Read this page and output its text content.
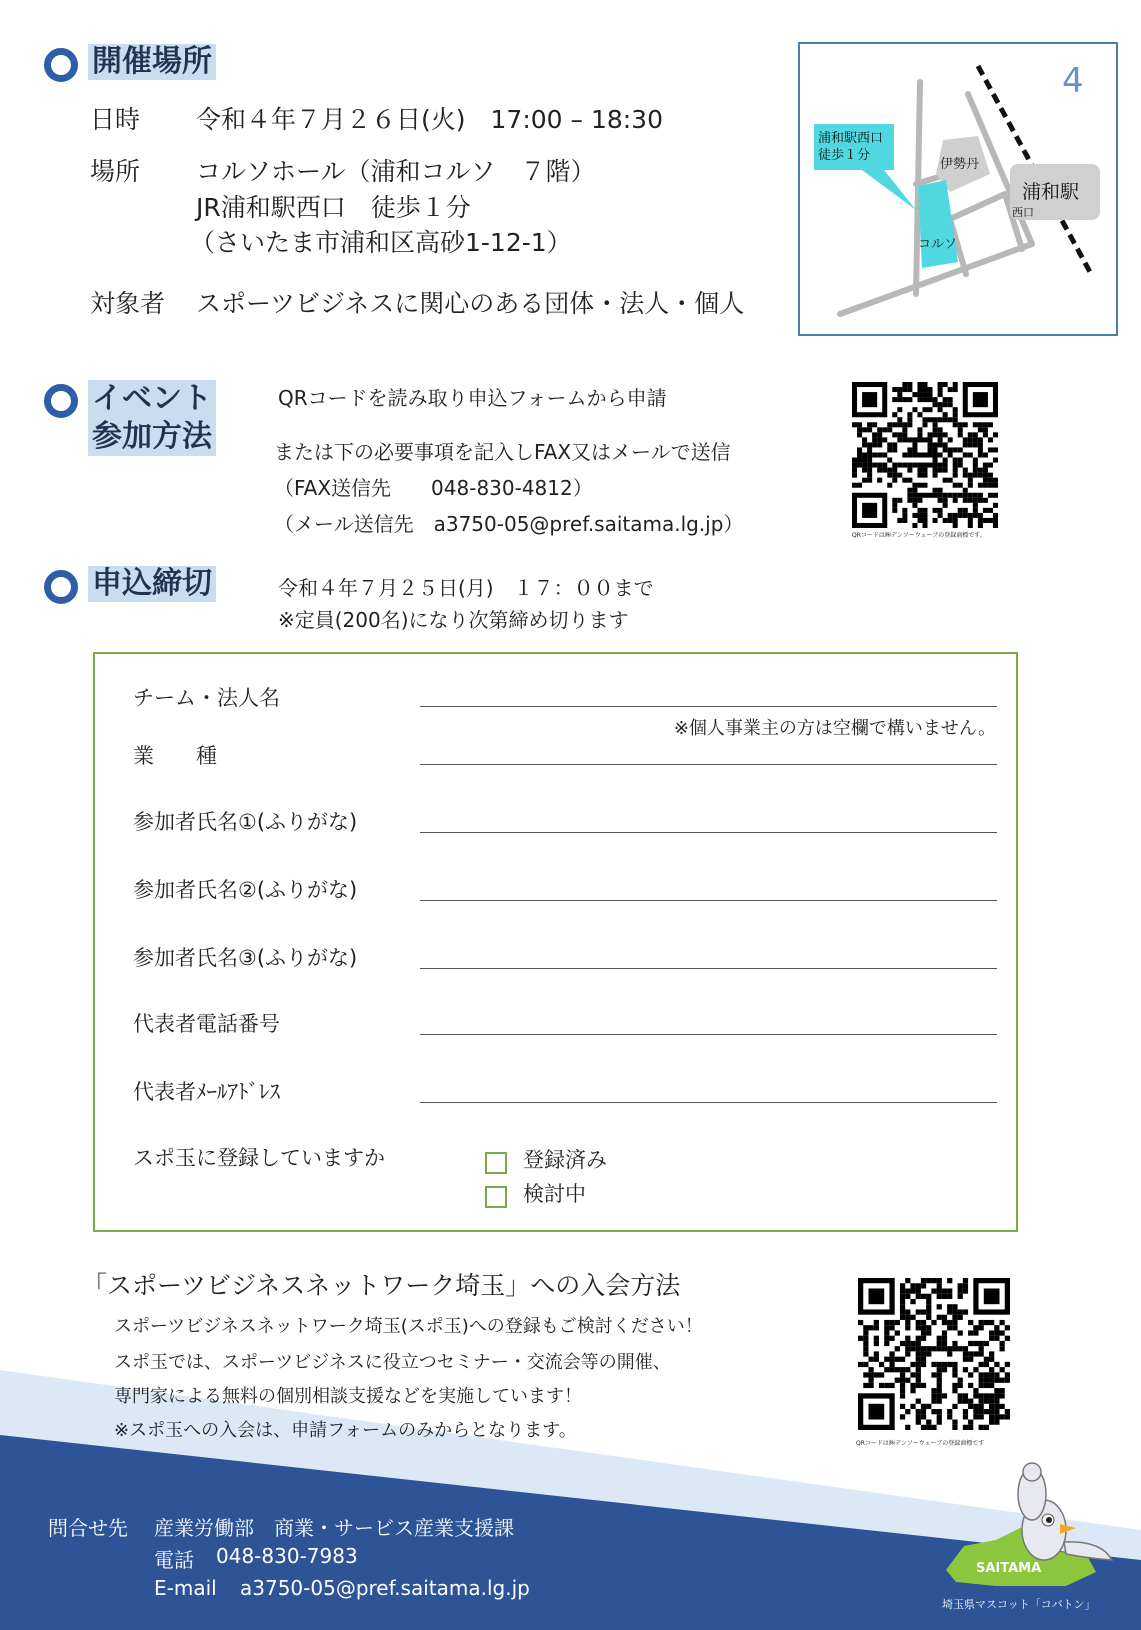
開催場所
日時 令和４年７月２６日(火)　17:00 – 18:30
場所 コルソホール（浦和コルソ　７階）
JR浦和駅西口　徒歩１分
（さいたま市浦和区高砂1-12-1）
対象者 スポーツビジネスに関心のある団体・法人・個人
伊勢丹
コルソ
浦和駅西口
徒歩１分
浦和駅
西口
4
イベント
参加方法
QRコードを読み取り申込フォームから申請
または下の必要事項を記入しFAX又はメールで送信
（FAX送信先　　048-830-4812）
（メール送信先　a3750-05@pref.saitama.lg.jp）	QRコードは㈱デンソーウェーブの登録商標です。
申込締切	令和４年７月２５日(月)　１７：００まで
※定員(200名)になり次第締め切ります
チーム・法人名
※個人事業主の方は空欄で構いません。
業　　種
参加者氏名①(ふりがな)
参加者氏名②(ふりがな)
参加者氏名③(ふりがな)
代表者電話番号
代表者ﾒｰﾙｱﾄﾞﾚｽ
スポ玉に登録していますか	登録済み
検討中
「スポーツビジネスネットワーク埼玉」への入会方法
スポーツビジネスネットワーク埼玉(スポ玉)への登録もご検討ください！
スポ玉では、スポーツビジネスに役立つセミナー・交流会等の開催、
専門家による無料の個別相談支援などを実施しています！
※スポ玉への入会は、申請フォームのみからとなります。
QRコードは㈱デンソーウェーブの登録商標です
問合せ先 産業労働部　商業・サービス産業支援課
電話 048-830-7983
E-mail a3750-05@pref.saitama.lg.jp
SAITAMA
埼玉県マスコット「コバトン」
